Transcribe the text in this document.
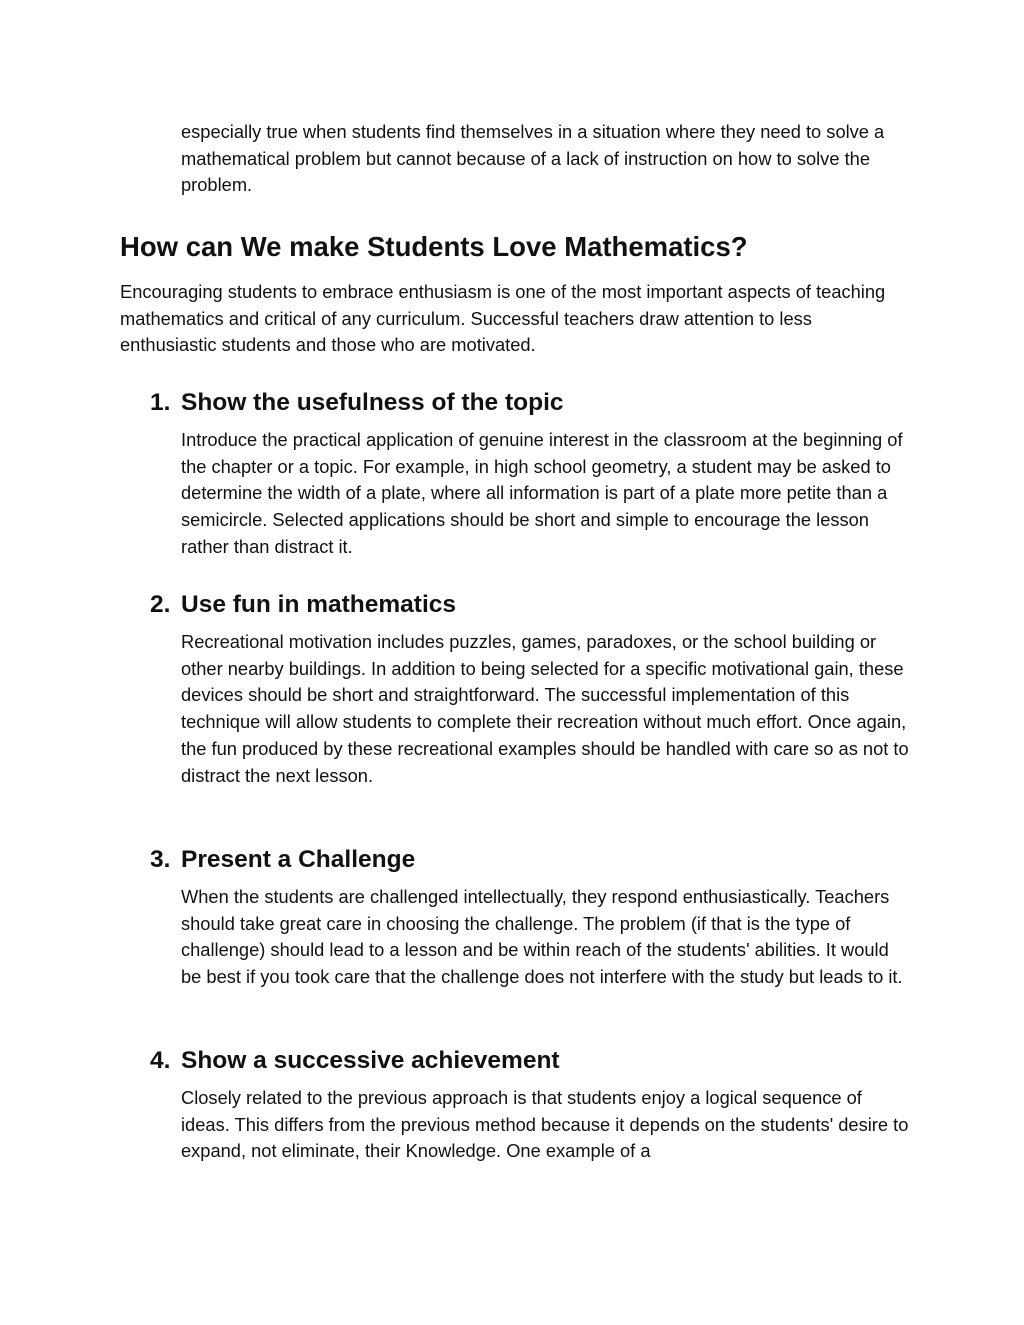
especially true when students find themselves in a situation where they need to solve a mathematical problem but cannot because of a lack of instruction on how to solve the problem.

How can We make Students Love Mathematics?

Encouraging students to embrace enthusiasm is one of the most important aspects of teaching mathematics and critical of any curriculum. Successful teachers draw attention to less enthusiastic students and those who are motivated.

1. Show the usefulness of the topic

Introduce the practical application of genuine interest in the classroom at the beginning of the chapter or a topic. For example, in high school geometry, a student may be asked to determine the width of a plate, where all information is part of a plate more petite than a semicircle. Selected applications should be short and simple to encourage the lesson rather than distract it.

2. Use fun in mathematics

Recreational motivation includes puzzles, games, paradoxes, or the school building or other nearby buildings. In addition to being selected for a specific motivational gain, these devices should be short and straightforward. The successful implementation of this technique will allow students to complete their recreation without much effort. Once again, the fun produced by these recreational examples should be handled with care so as not to distract the next lesson.

3. Present a Challenge

When the students are challenged intellectually, they respond enthusiastically. Teachers should take great care in choosing the challenge. The problem (if that is the type of challenge) should lead to a lesson and be within reach of the students' abilities. It would be best if you took care that the challenge does not interfere with the study but leads to it.

4. Show a successive achievement

Closely related to the previous approach is that students enjoy a logical sequence of ideas. This differs from the previous method because it depends on the students' desire to expand, not eliminate, their Knowledge. One example of a
